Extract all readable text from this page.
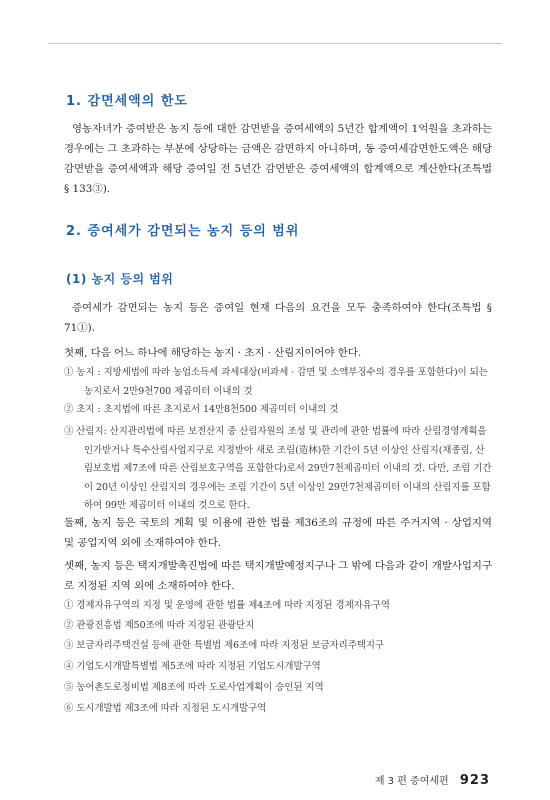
1. 감면세액의 한도
영농자녀가 증여받은 농지 등에 대한 감면받을 증여세액의 5년간 합계액이 1억원을 초과하는 경우에는 그 초과하는 부분에 상당하는 금액은 감면하지 아니하며, 동 증여세감면한도액은 해당 감면받을 증여세액과 해당 증여일 전 5년간 감면받은 증여세액의 합계액으로 계산한다(조특법 § 133③).
2. 증여세가 감면되는 농지 등의 범위
(1) 농지 등의 범위
증여세가 감면되는 농지 등은 증여일 현재 다음의 요건을 모두 충족하여야 한다(조특법 § 71①).
첫째, 다음 어느 하나에 해당하는 농지 · 초지 · 산림지이어야 한다.
① 농지 : 지방세법에 따라 농업소득세 과세대상(비과세 · 감면 및 소액부징수의 경우를 포함한다)이 되는 농지로서 2만9천700 제곱미터 이내의 것
② 초지 : 초지법에 따른 초지로서 14만8천500 제곱미터 이내의 것
③ 산림지: 산지관리법에 따른 보전산지 중 산림자원의 조성 및 관리에 관한 법률에 따라 산림경영계획을 인가받거나 특수산림사업지구로 지정받아 새로 조림(造林)한 기간이 5년 이상인 산림지(채종림, 산림보호법 제7조에 따른 산림보호구역을 포함한다)로서 29만7천제곱미터 이내의 것. 다만, 조림 기간이 20년 이상인 산림지의 경우에는 조림 기간이 5년 이상인 29만7천제곱미터 이내의 산림지를 포함하여 99만 제곱미터 이내의 것으로 한다.
둘째, 농지 등은 국토의 계획 및 이용에 관한 법률 제36조의 규정에 따른 주거지역 · 상업지역 및 공업지역 외에 소재하여야 한다.
셋째, 농지 등은 택지개발촉진법에 따른 택지개발예정지구나 그 밖에 다음과 같이 개발사업지구로 지정된 지역 외에 소재하여야 한다.
① 경제자유구역의 지정 및 운영에 관한 법률 제4조에 따라 지정된 경제자유구역
② 관광진흥법 제50조에 따라 지정된 관광단지
③ 보금자리주택건설 등에 관한 특별법 제6조에 따라 지정된 보금자리주택지구
④ 기업도시개발특별법 제5조에 따라 지정된 기업도시개발구역
⑤ 농어촌도로정비법 제8조에 따라 도로사업계획이 승인된 지역
⑥ 도시개발법 제3조에 따라 지정된 도시개발구역
제 3 편 증여세편 923
